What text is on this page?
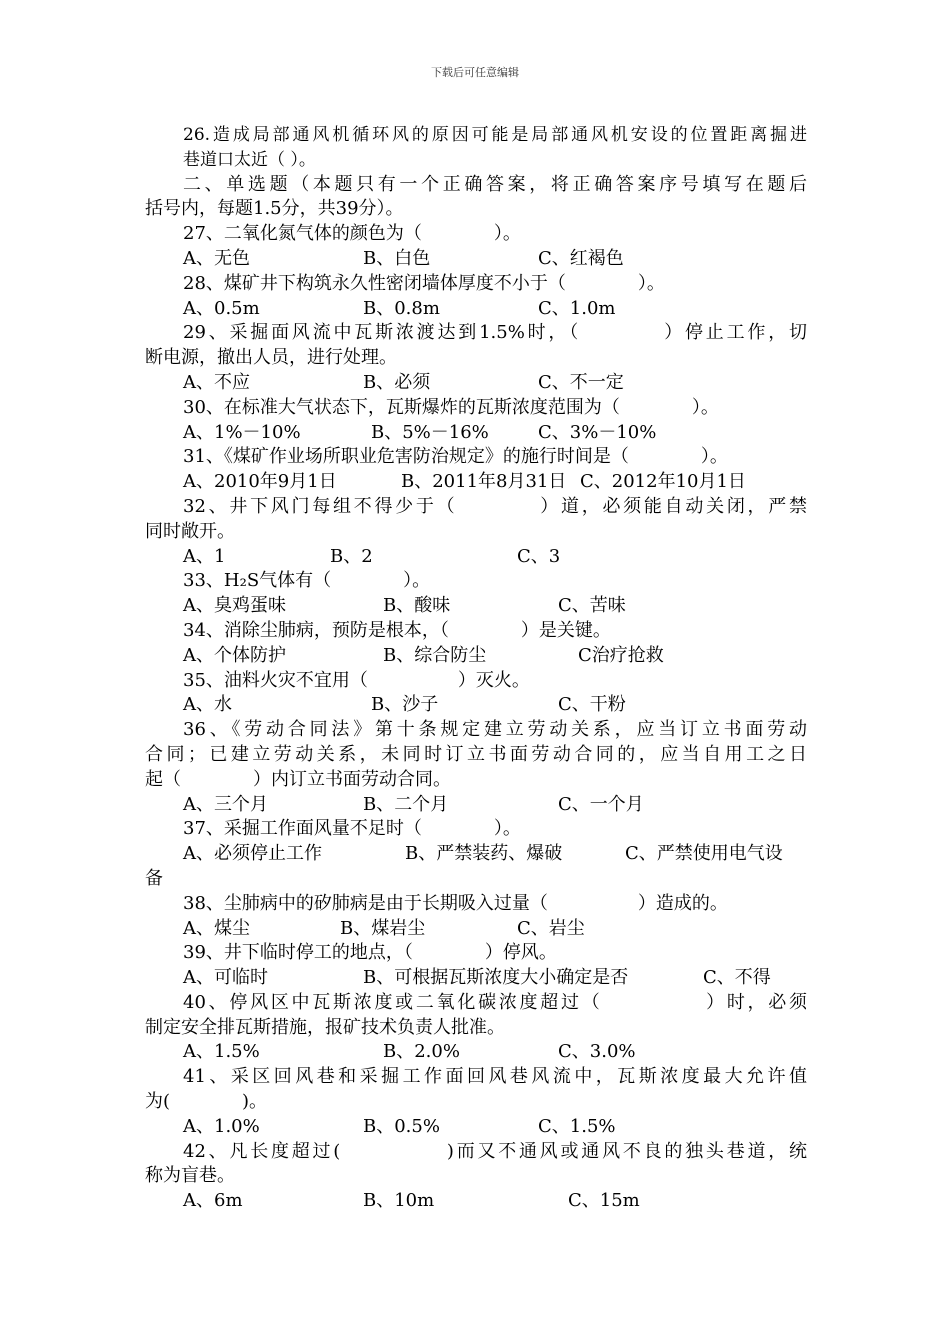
下载后可任意编辑

26.造成局部通风机循环风的原因可能是局部通风机安设的位置距离掘进

巷道口太近（ ）。

二、单选题（本题只有一个正确答案，将正确答案序号填写在题后

括号内，每题1.5分，共39分）。

27、二氧化氮气体的颜色为（　　　　）。

A、无色	B、白色	C、红褐色

28、煤矿井下构筑永久性密闭墙体厚度不小于（　　　　）。

A、0.5m	B、0.8m	C、1.0m

29、采掘面风流中瓦斯浓渡达到1.5%时，（　　　　）停止工作，切

断电源，撤出人员，进行处理。

A、不应	B、必须	C、不一定

30、在标准大气状态下，瓦斯爆炸的瓦斯浓度范围为（　　　　）。

A、1%－10%	B、5%－16%	C、3%－10%

31、《煤矿作业场所职业危害防治规定》的施行时间是（　　　　）。

A、2010年9月1日	B、2011年8月31日 C、2012年10月1日

32、井下风门每组不得少于（　　　　）道，必须能自动关闭，严禁

同时敞开。

A、1	B、2	C、3

33、H₂S气体有（　　　　）。

A、臭鸡蛋味	B、酸味	C、苦味

34、消除尘肺病，预防是根本，（　　　　）是关键。

A、个体防护	B、综合防尘	C治疗抢救

35、油料火灾不宜用（　　　　　）灭火。

A、水	B、沙子	C、干粉

36、《劳动合同法》第十条规定建立劳动关系，应当订立书面劳动

合同；已建立劳动关系，未同时订立书面劳动合同的，应当自用工之日

起（　　　　）内订立书面劳动合同。

A、三个月	B、二个月	C、一个月

37、采掘工作面风量不足时（　　　　）。

A、必须停止工作	B、严禁装药、爆破	C、严禁使用电气设

备

38、尘肺病中的矽肺病是由于长期吸入过量（　　　　　）造成的。

A、煤尘	B、煤岩尘	C、岩尘

39、井下临时停工的地点，（　　　　）停风。

A、可临时	B、可根据瓦斯浓度大小确定是否	C、不得

40、停风区中瓦斯浓度或二氧化碳浓度超过（　　　　　）时，必须

制定安全排瓦斯措施，报矿技术负责人批准。

A、1.5%	B、2.0%	C、3.0%

41、采区回风巷和采掘工作面回风巷风流中，瓦斯浓度最大允许值

为(　　　　)。

A、1.0%	B、0.5%	C、1.5%

42、凡长度超过(　　　　　)而又不通风或通风不良的独头巷道，统

称为盲巷。

A、6m	B、10m	C、15m
